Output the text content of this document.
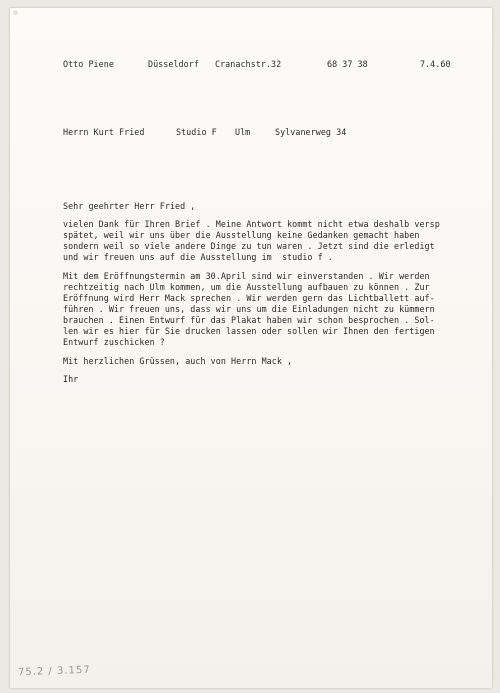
Otto Piene	Düsseldorf Cranachstr.32	68 37 38	7.4.60
Herrn Kurt Fried	Studio F Ulm	Sylvanerweg 34
Sehr geehrter Herr Fried ,
vielen Dank für Ihren Brief . Meine Antwort kommt nicht etwa deshalb versp
spätet, weil wir uns über die Ausstellung keine Gedanken gemacht haben
sondern weil so viele andere Dinge zu tun waren . Jetzt sind die erledigt
und wir freuen uns auf die Ausstellung im  studio f .
Mit dem Eröffnungstermin am 30.April sind wir einverstanden . Wir werden
rechtzeitig nach Ulm kommen, um die Ausstellung aufbauen zu können . Zur
Eröffnung wird Herr Mack sprechen . Wir werden gern das Lichtballett auf-
führen . Wir freuen uns, dass wir uns um die Einladungen nicht zu kümmern
brauchen . Einen Entwurf für das Plakat haben wir schon besprochen . Sol-
len wir es hier für Sie drucken lassen oder sollen wir Ihnen den fertigen
Entwurf zuschicken ?
Mit herzlichen Grüssen, auch von Herrn Mack ,
Ihr
75.2 / 3.157
